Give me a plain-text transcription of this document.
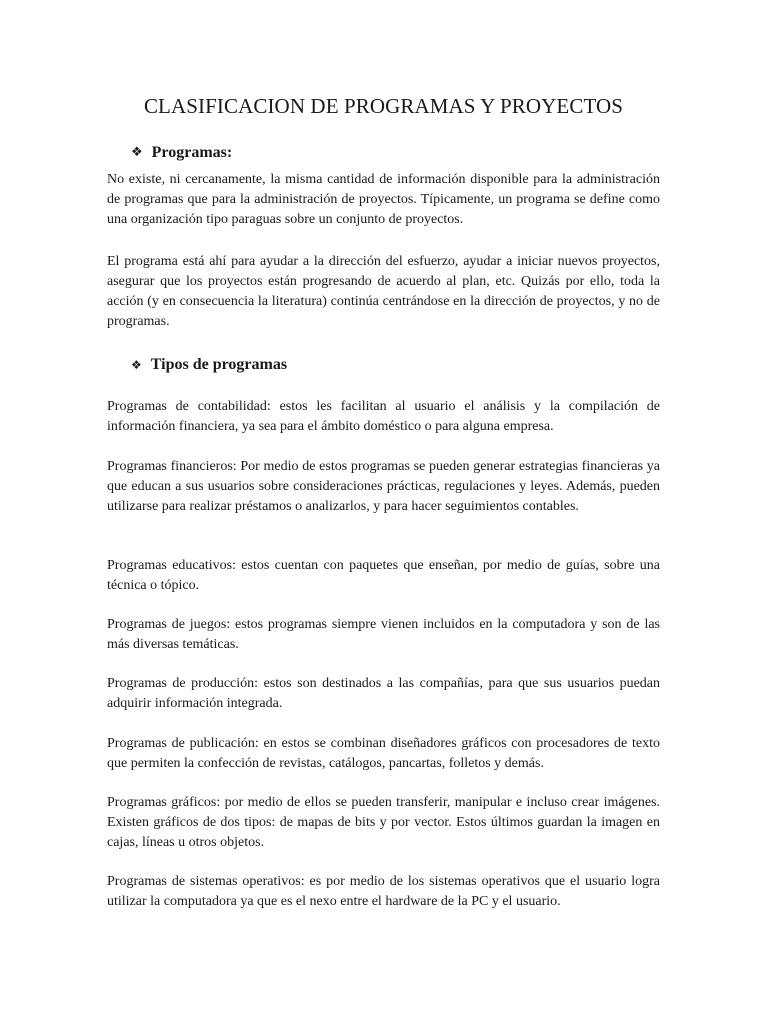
CLASIFICACION DE PROGRAMAS Y PROYECTOS
❖ Programas:

No existe, ni cercanamente, la misma cantidad de información disponible para la administración de programas que para la administración de proyectos. Típicamente, un programa se define como una organización tipo paraguas sobre un conjunto de proyectos.

El programa está ahí para ayudar a la dirección del esfuerzo, ayudar a iniciar nuevos proyectos, asegurar que los proyectos están progresando de acuerdo al plan, etc. Quizás por ello, toda la acción (y en consecuencia la literatura) continúa centrándose en la dirección de proyectos, y no de programas.

❖ Tipos de programas

Programas de contabilidad: estos les facilitan al usuario el análisis y la compilación de información financiera, ya sea para el ámbito doméstico o para alguna empresa.

Programas financieros: Por medio de estos programas se pueden generar estrategias financieras ya que educan a sus usuarios sobre consideraciones prácticas, regulaciones y leyes. Además, pueden utilizarse para realizar préstamos o analizarlos, y para hacer seguimientos contables.

Programas educativos: estos cuentan con paquetes que enseñan, por medio de guías, sobre una técnica o tópico.

Programas de juegos: estos programas siempre vienen incluidos en la computadora y son de las más diversas temáticas.

Programas de producción: estos son destinados a las compañías, para que sus usuarios puedan adquirir información integrada.

Programas de publicación: en estos se combinan diseñadores gráficos con procesadores de texto que permiten la confección de revistas, catálogos, pancartas, folletos y demás.

Programas gráficos: por medio de ellos se pueden transferir, manipular e incluso crear imágenes. Existen gráficos de dos tipos: de mapas de bits y por vector. Estos últimos guardan la imagen en cajas, líneas u otros objetos.

Programas de sistemas operativos: es por medio de los sistemas operativos que el usuario logra utilizar la computadora ya que es el nexo entre el hardware de la PC y el usuario.
